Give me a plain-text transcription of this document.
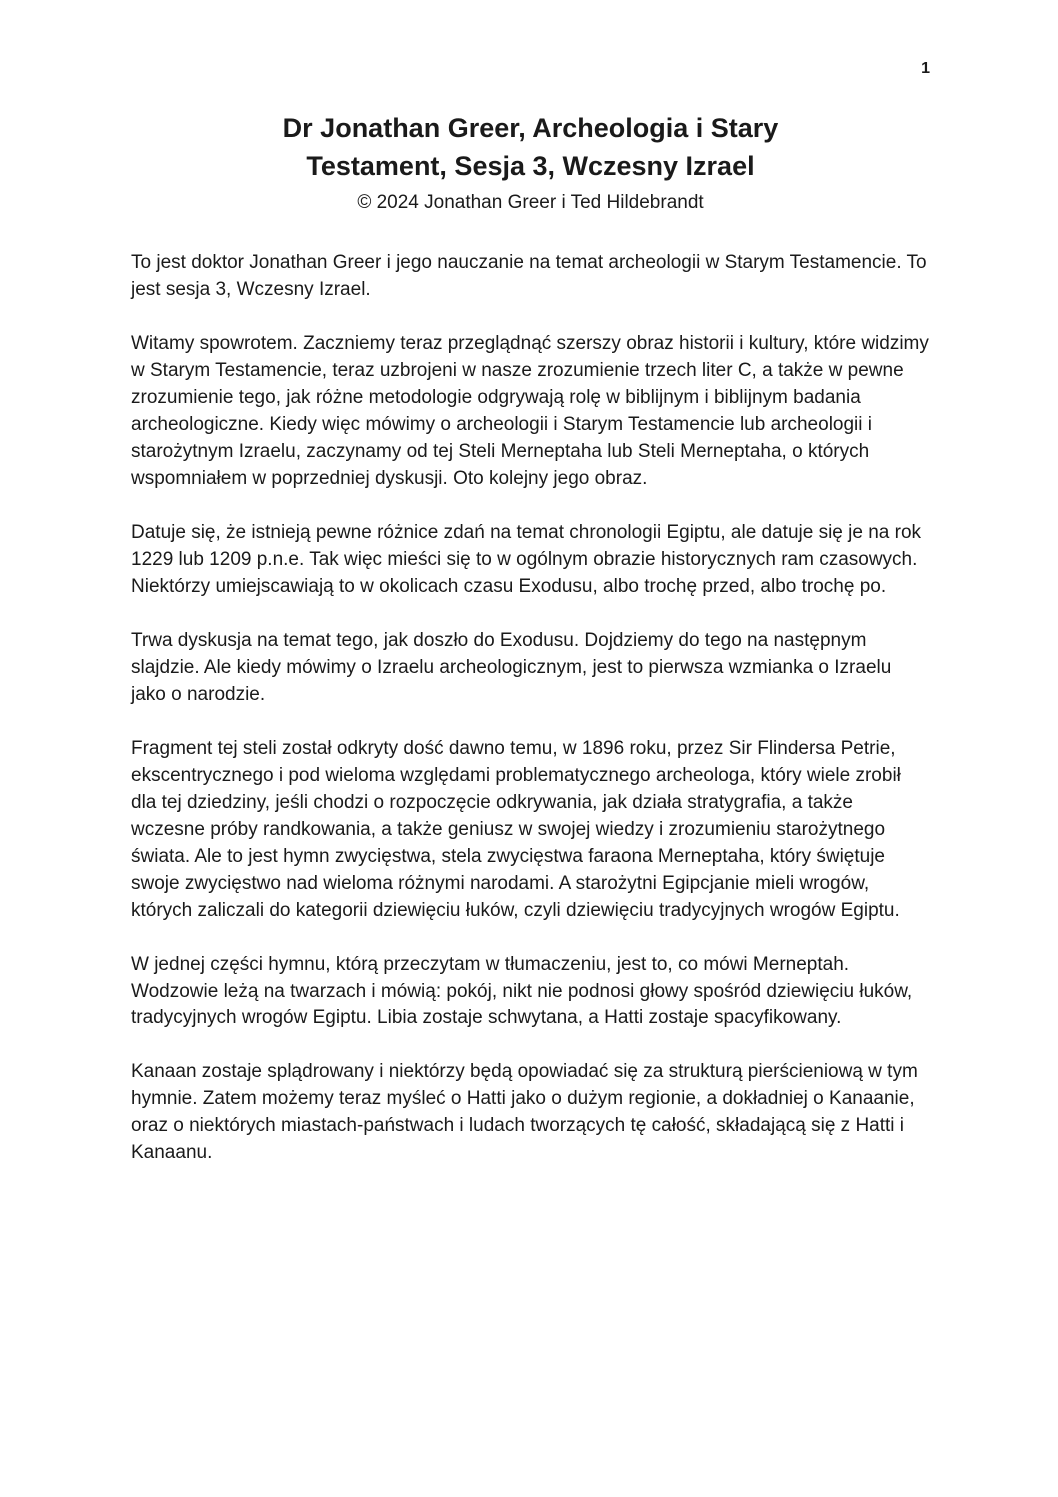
1
Dr Jonathan Greer, Archeologia i Stary
Testament, Sesja 3, Wczesny Izrael
© 2024 Jonathan Greer i Ted Hildebrandt

To jest doktor Jonathan Greer i jego nauczanie na temat archeologii w Starym Testamencie. To jest sesja 3, Wczesny Izrael.

Witamy spowrotem. Zaczniemy teraz przeglądnąć szerszy obraz historii i kultury, które widzimy w Starym Testamencie, teraz uzbrojeni w nasze zrozumienie trzech liter C, a także w pewne zrozumienie tego, jak różne metodologie odgrywają rolę w biblijnym i biblijnym badania archeologiczne. Kiedy więc mówimy o archeologii i Starym Testamencie lub archeologii i starożytnym Izraelu, zaczynamy od tej Steli Merneptaha lub Steli Merneptaha, o których wspomniałem w poprzedniej dyskusji. Oto kolejny jego obraz.

Datuje się, że istnieją pewne różnice zdań na temat chronologii Egiptu, ale datuje się je na rok 1229 lub 1209 p.n.e. Tak więc mieści się to w ogólnym obrazie historycznych ram czasowych. Niektórzy umiejscawiają to w okolicach czasu Exodusu, albo trochę przed, albo trochę po.

Trwa dyskusja na temat tego, jak doszło do Exodusu. Dojdziemy do tego na następnym slajdzie. Ale kiedy mówimy o Izraelu archeologicznym, jest to pierwsza wzmianka o Izraelu jako o narodzie.

Fragment tej steli został odkryty dość dawno temu, w 1896 roku, przez Sir Flindersa Petrie, ekscentrycznego i pod wieloma względami problematycznego archeologa, który wiele zrobił dla tej dziedziny, jeśli chodzi o rozpoczęcie odkrywania, jak działa stratygrafia, a także wczesne próby randkowania, a także geniusz w swojej wiedzy i zrozumieniu starożytnego świata. Ale to jest hymn zwycięstwa, stela zwycięstwa faraona Merneptaha, który świętuje swoje zwycięstwo nad wieloma różnymi narodami. A starożytni Egipcjanie mieli wrogów, których zaliczali do kategorii dziewięciu łuków, czyli dziewięciu tradycyjnych wrogów Egiptu.

W jednej części hymnu, którą przeczytam w tłumaczeniu, jest to, co mówi Merneptah. Wodzowie leżą na twarzach i mówią: pokój, nikt nie podnosi głowy spośród dziewięciu łuków, tradycyjnych wrogów Egiptu. Libia zostaje schwytana, a Hatti zostaje spacyfikowany.

Kanaan zostaje splądrowany i niektórzy będą opowiadać się za strukturą pierścieniową w tym hymnie. Zatem możemy teraz myśleć o Hatti jako o dużym regionie, a dokładniej o Kanaanie, oraz o niektórych miastach-państwach i ludach tworzących tę całość, składającą się z Hatti i Kanaanu.
